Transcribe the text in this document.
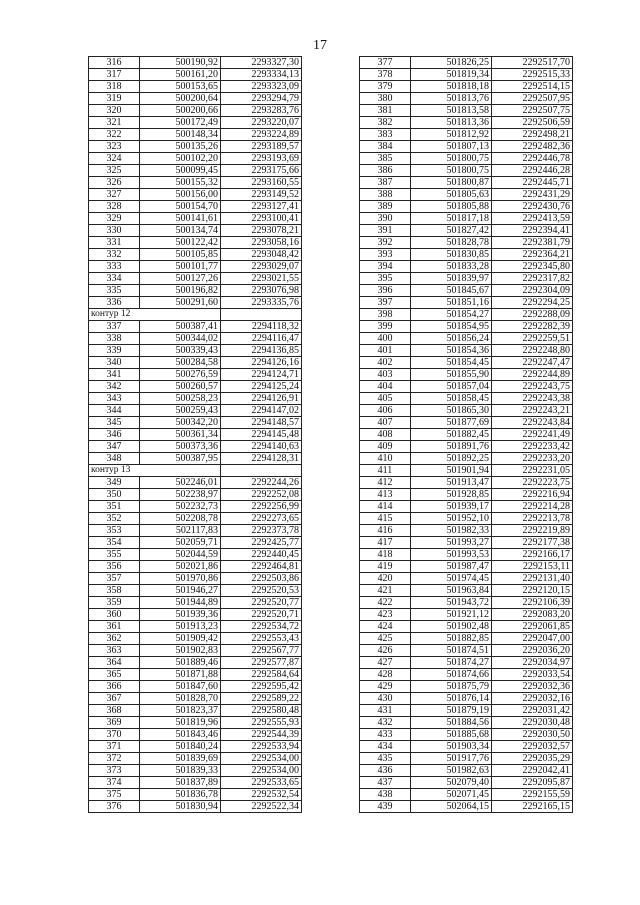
17
316	500190,92	2293327,30
317	500161,20	2293334,13
318	500153,65	2293323,09
319	500200,64	2293294,79
320	500200,66	2293283,76
321	500172,49	2293220,07
322	500148,34	2293224,89
323	500135,26	2293189,57
324	500102,20	2293193,69
325	500099,45	2293175,66
326	500155,32	2293160,55
327	500156,00	2293149,52
328	500154,70	2293127,41
329	500141,61	2293100,41
330	500134,74	2293078,21
331	500122,42	2293058,16
332	500105,85	2293048,42
333	500101,77	2293029,07
334	500127,26	2293021,55
335	500196,82	2293076,98
336	500291,60	2293335,76
контур 12		
337	500387,41	2294118,32
338	500344,02	2294116,47
339	500339,43	2294136,85
340	500284,58	2294126,16
341	500276,59	2294124,71
342	500260,57	2294125,24
343	500258,23	2294126,91
344	500259,43	2294147,02
345	500342,20	2294148,57
346	500361,34	2294145,48
347	500373,36	2294140,63
348	500387,95	2294128,31
контур 13		
349	502246,01	2292244,26
350	502238,97	2292252,08
351	502232,73	2292256,99
352	502208,78	2292273,65
353	502117,83	2292373,78
354	502059,71	2292425,77
355	502044,59	2292440,45
356	502021,86	2292464,81
357	501970,86	2292503,86
358	501946,27	2292520,53
359	501944,89	2292520,77
360	501939,36	2292520,71
361	501913,23	2292534,72
362	501909,42	2292553,43
363	501902,83	2292567,77
364	501889,46	2292577,87
365	501871,88	2292584,64
366	501847,60	2292595,42
367	501828,70	2292589,22
368	501823,37	2292580,48
369	501819,96	2292555,93
370	501843,46	2292544,39
371	501840,24	2292533,94
372	501839,69	2292534,00
373	501839,33	2292534,00
374	501837,89	2292533,65
375	501836,78	2292532,54
376	501830,94	2292522,34
377	501826,25	2292517,70
378	501819,34	2292515,33
379	501818,18	2292514,15
380	501813,76	2292507,95
381	501813,58	2292507,75
382	501813,36	2292506,59
383	501812,92	2292498,21
384	501807,13	2292482,36
385	501800,75	2292446,78
386	501800,75	2292446,28
387	501800,87	2292445,71
388	501805,63	2292431,29
389	501805,88	2292430,76
390	501817,18	2292413,59
391	501827,42	2292394,41
392	501828,78	2292381,79
393	501830,85	2292364,21
394	501833,28	2292345,80
395	501839,97	2292317,82
396	501845,67	2292304,09
397	501851,16	2292294,25
398	501854,27	2292288,09
399	501854,95	2292282,39
400	501856,24	2292259,51
401	501854,36	2292248,80
402	501854,45	2292247,47
403	501855,90	2292244,89
404	501857,04	2292243,75
405	501858,45	2292243,38
406	501865,30	2292243,21
407	501877,69	2292243,84
408	501882,45	2292241,49
409	501891,76	2292233,42
410	501892,25	2292233,20
411	501901,94	2292231,05
412	501913,47	2292223,75
413	501928,85	2292216,94
414	501939,17	2292214,28
415	501952,10	2292213,78
416	501982,33	2292219,89
417	501993,27	2292177,38
418	501993,53	2292166,17
419	501987,47	2292153,11
420	501974,45	2292131,40
421	501963,84	2292120,15
422	501943,72	2292106,39
423	501921,12	2292083,20
424	501902,48	2292061,85
425	501882,85	2292047,00
426	501874,51	2292036,20
427	501874,27	2292034,97
428	501874,66	2292033,54
429	501875,79	2292032,36
430	501876,14	2292032,16
431	501879,19	2292031,42
432	501884,56	2292030,48
433	501885,68	2292030,50
434	501903,34	2292032,57
435	501917,76	2292035,29
436	501982,63	2292042,41
437	502079,40	2292095,87
438	502071,45	2292155,59
439	502064,15	2292165,15
